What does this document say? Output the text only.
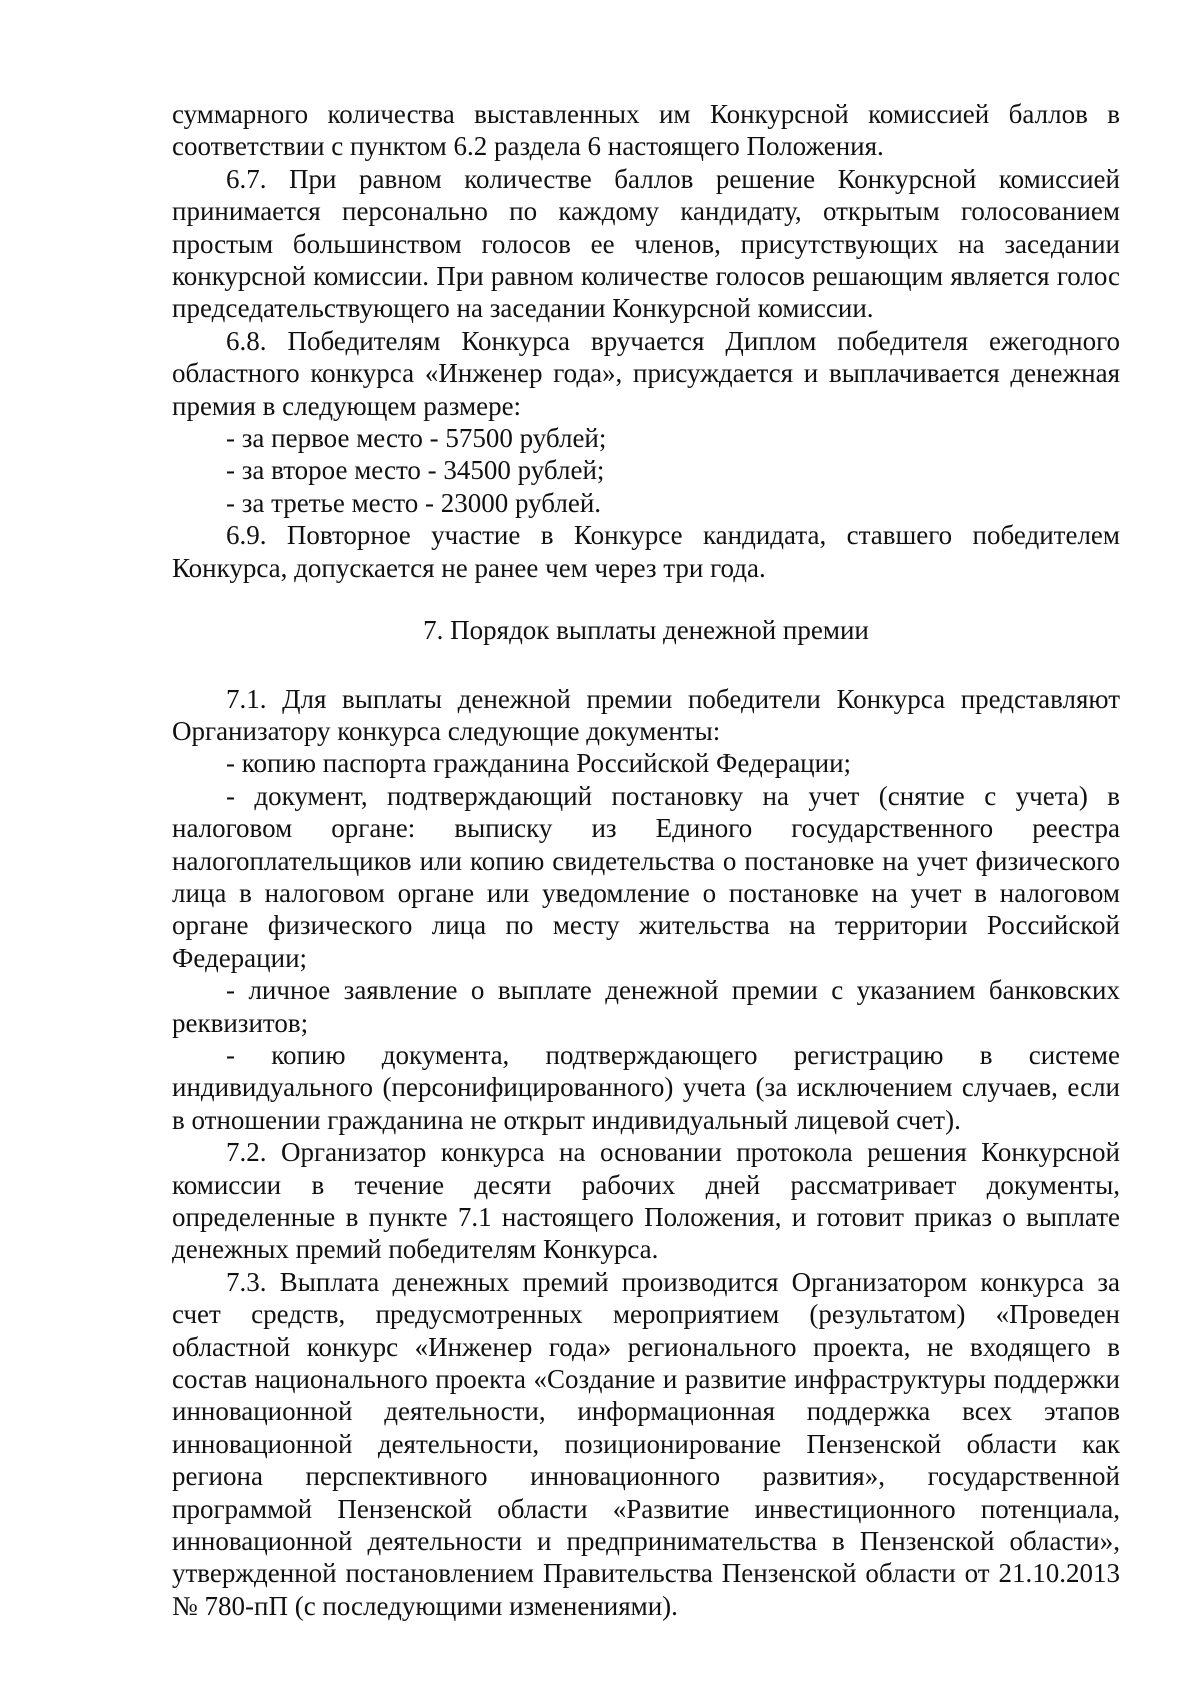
суммарного количества выставленных им Конкурсной комиссией баллов в соответствии с пунктом 6.2 раздела 6 настоящего Положения.

6.7. При равном количестве баллов решение Конкурсной комиссией принимается персонально по каждому кандидату, открытым голосованием простым большинством голосов ее членов, присутствующих на заседании конкурсной комиссии. При равном количестве голосов решающим является голос председательствующего на заседании Конкурсной комиссии.

6.8. Победителям Конкурса вручается Диплом победителя ежегодного областного конкурса «Инженер года», присуждается и выплачивается денежная премия в следующем размере:

- за первое место - 57500 рублей;

- за второе место - 34500 рублей;

- за третье место - 23000 рублей.

6.9. Повторное участие в Конкурсе кандидата, ставшего победителем Конкурса, допускается не ранее чем через три года.

7. Порядок выплаты денежной премии

7.1. Для выплаты денежной премии победители Конкурса представляют Организатору конкурса следующие документы:

- копию паспорта гражданина Российской Федерации;

- документ, подтверждающий постановку на учет (снятие с учета) в налоговом органе: выписку из Единого государственного реестра налогоплательщиков или копию свидетельства о постановке на учет физического лица в налоговом органе или уведомление о постановке на учет в налоговом органе физического лица по месту жительства на территории Российской Федерации;

- личное заявление о выплате денежной премии с указанием банковских реквизитов;

- копию документа, подтверждающего регистрацию в системе индивидуального (персонифицированного) учета (за исключением случаев, если в отношении гражданина не открыт индивидуальный лицевой счет).

7.2. Организатор конкурса на основании протокола решения Конкурсной комиссии в течение десяти рабочих дней рассматривает документы, определенные в пункте 7.1 настоящего Положения, и готовит приказ о выплате денежных премий победителям Конкурса.

7.3. Выплата денежных премий производится Организатором конкурса за счет средств, предусмотренных мероприятием (результатом) «Проведен областной конкурс «Инженер года» регионального проекта, не входящего в состав национального проекта «Создание и развитие инфраструктуры поддержки инновационной деятельности, информационная поддержка всех этапов инновационной деятельности, позиционирование Пензенской области как региона перспективного инновационного развития», государственной программой Пензенской области «Развитие инвестиционного потенциала, инновационной деятельности и предпринимательства в Пензенской области», утвержденной постановлением Правительства Пензенской области от 21.10.2013 № 780-пП (с последующими изменениями).
